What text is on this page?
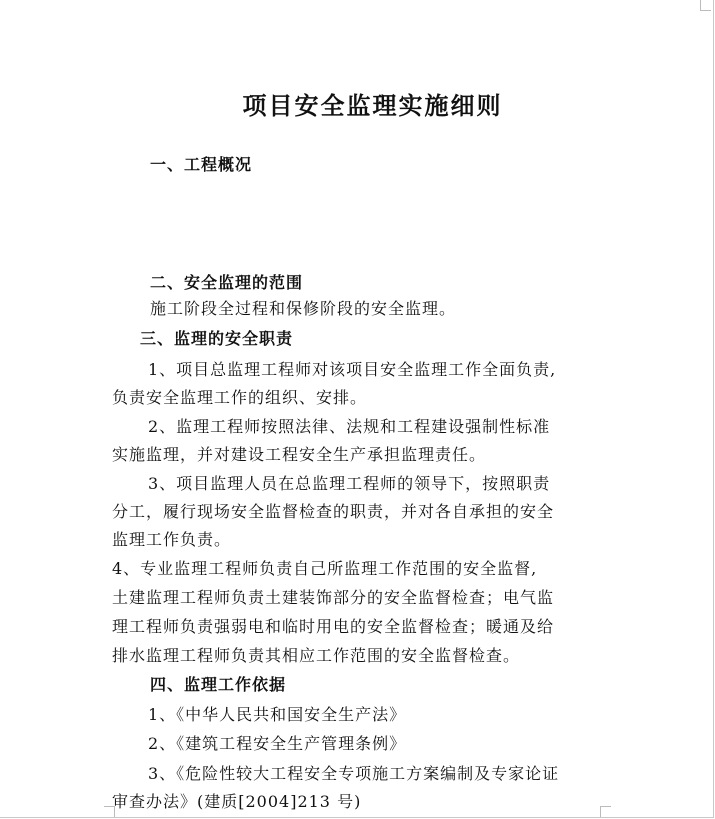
项目安全监理实施细则
一、工程概况
二、安全监理的范围
施工阶段全过程和保修阶段的安全监理。
三、监理的安全职责
1、项目总监理工程师对该项目安全监理工作全面负责,
负责安全监理工作的组织、安排。
2、监理工程师按照法律、法规和工程建设强制性标准
实施监理，并对建设工程安全生产承担监理责任。
3、项目监理人员在总监理工程师的领导下，按照职责
分工，履行现场安全监督检查的职责，并对各自承担的安全
监理工作负责。
4、专业监理工程师负责自己所监理工作范围的安全监督,
土建监理工程师负责土建装饰部分的安全监督检查；电气监
理工程师负责强弱电和临时用电的安全监督检查；暖通及给
排水监理工程师负责其相应工作范围的安全监督检查。
四、监理工作依据
1、《中华人民共和国安全生产法》
2、《建筑工程安全生产管理条例》
3、《危险性较大工程安全专项施工方案编制及专家论证
审查办法》(建质[2004]213 号)
